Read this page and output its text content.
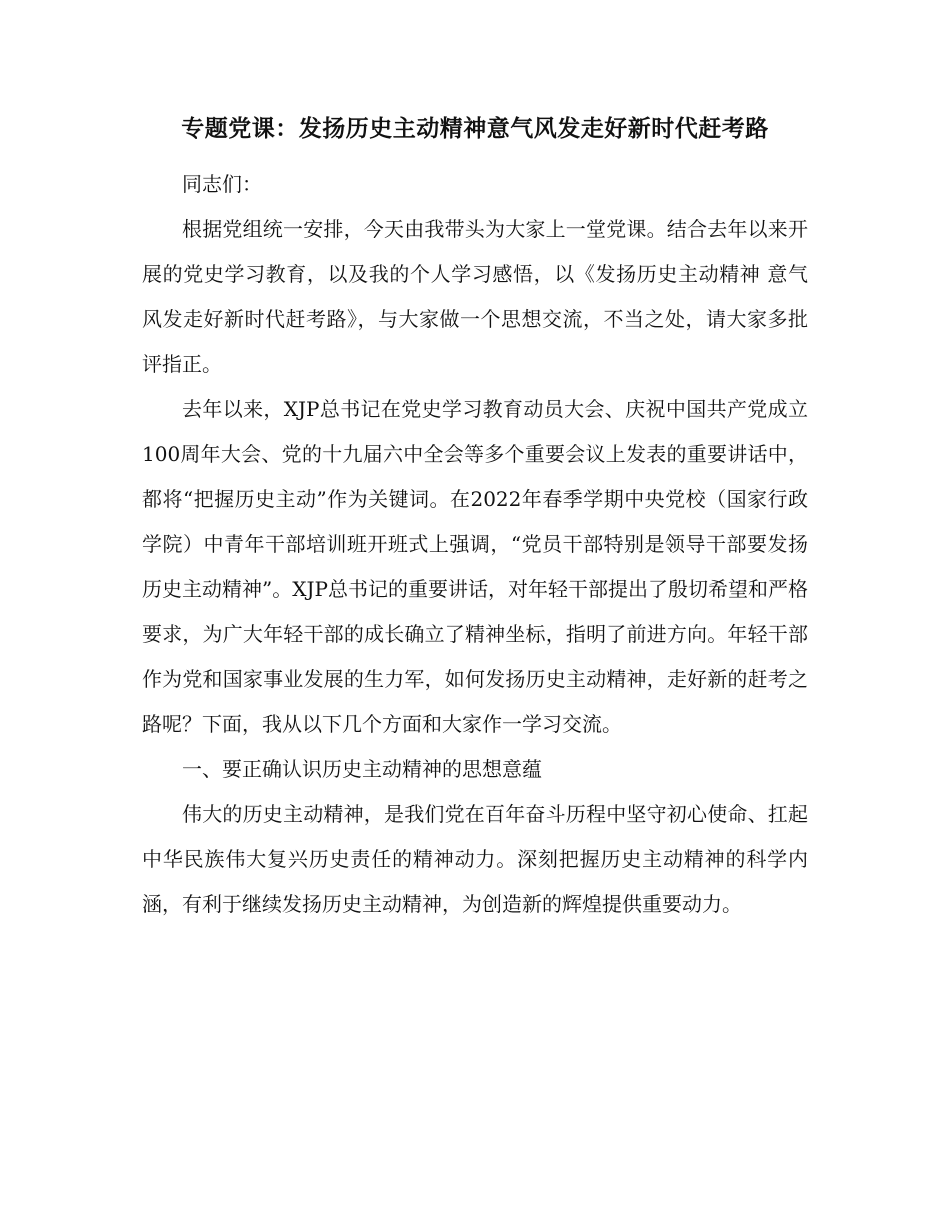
专题党课：发扬历史主动精神意气风发走好新时代赶考路

同志们：

根据党组统一安排，今天由我带头为大家上一堂党课。结合去年以来开展的党史学习教育，以及我的个人学习感悟，以《发扬历史主动精神 意气风发走好新时代赶考路》，与大家做一个思想交流，不当之处，请大家多批评指正。

去年以来，XJP总书记在党史学习教育动员大会、庆祝中国共产党成立100周年大会、党的十九届六中全会等多个重要会议上发表的重要讲话中，都将“把握历史主动”作为关键词。在2022年春季学期中央党校（国家行政学院）中青年干部培训班开班式上强调，“党员干部特别是领导干部要发扬历史主动精神”。XJP总书记的重要讲话，对年轻干部提出了殷切希望和严格要求，为广大年轻干部的成长确立了精神坐标，指明了前进方向。年轻干部作为党和国家事业发展的生力军，如何发扬历史主动精神，走好新的赶考之路呢？下面，我从以下几个方面和大家作一学习交流。

一、要正确认识历史主动精神的思想意蕴

伟大的历史主动精神，是我们党在百年奋斗历程中坚守初心使命、扛起中华民族伟大复兴历史责任的精神动力。深刻把握历史主动精神的科学内涵，有利于继续发扬历史主动精神，为创造新的辉煌提供重要动力。
